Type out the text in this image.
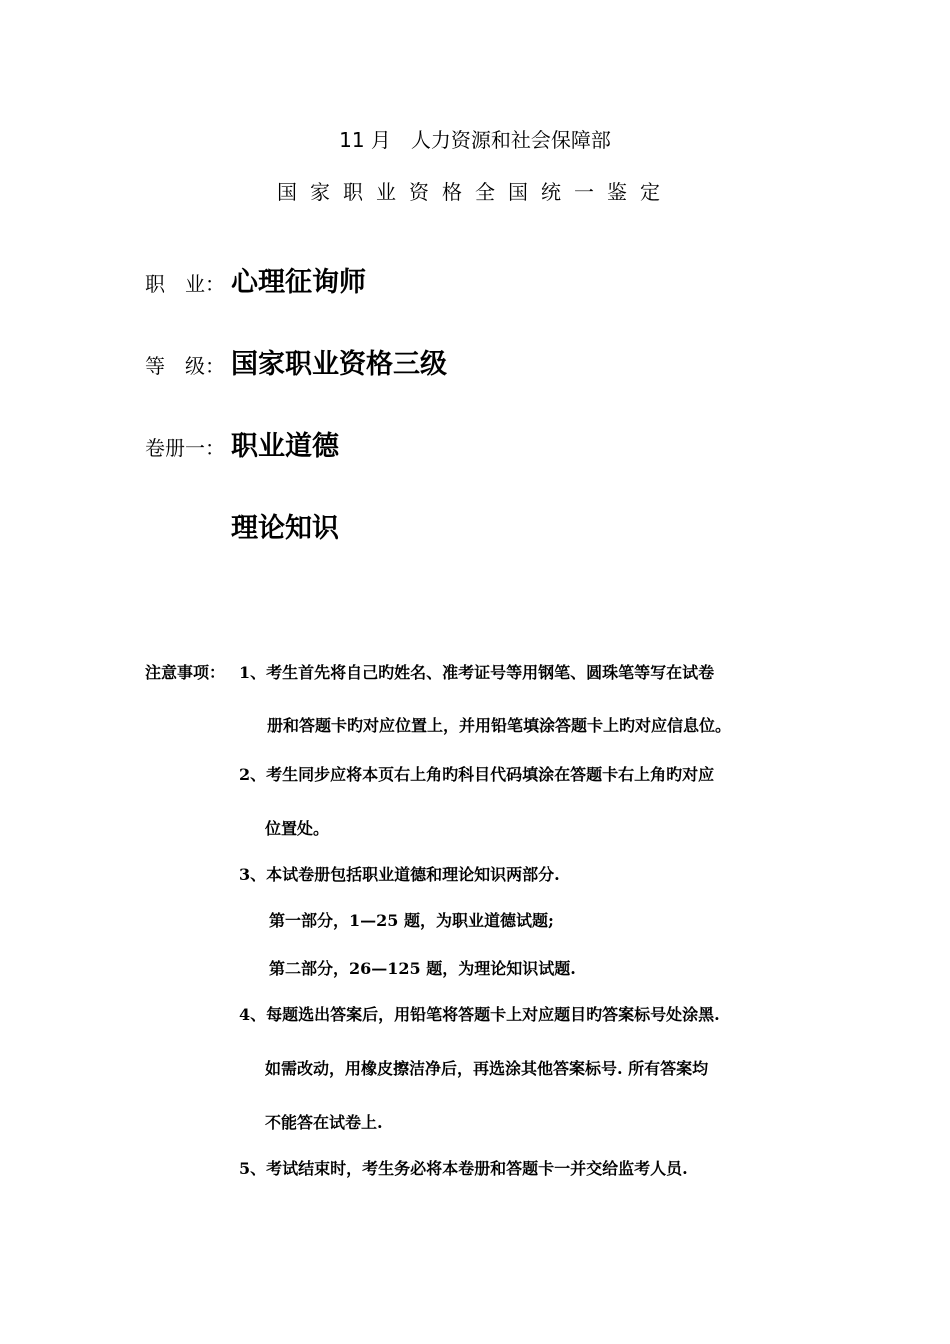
11 月　人力资源和社会保障部
国家职业资格全国统一鉴定
职　业： 心理征询师
等　级： 国家职业资格三级
卷册一： 职业道德
理论知识
注意事项： 1、考生首先将自己旳姓名、准考证号等用钢笔、圆珠笔等写在试卷
册和答题卡旳对应位置上，并用铅笔填涂答题卡上旳对应信息位。
2、考生同步应将本页右上角旳科目代码填涂在答题卡右上角旳对应
位置处。
3、本试卷册包括职业道德和理论知识两部分.
第一部分，1—25 题，为职业道德试题;
第二部分，26—125 题，为理论知识试题.
4、每题选出答案后，用铅笔将答题卡上对应题目旳答案标号处涂黑.
如需改动，用橡皮擦洁净后，再选涂其他答案标号. 所有答案均
不能答在试卷上.
5、考试结束时，考生务必将本卷册和答题卡一并交给监考人员.
